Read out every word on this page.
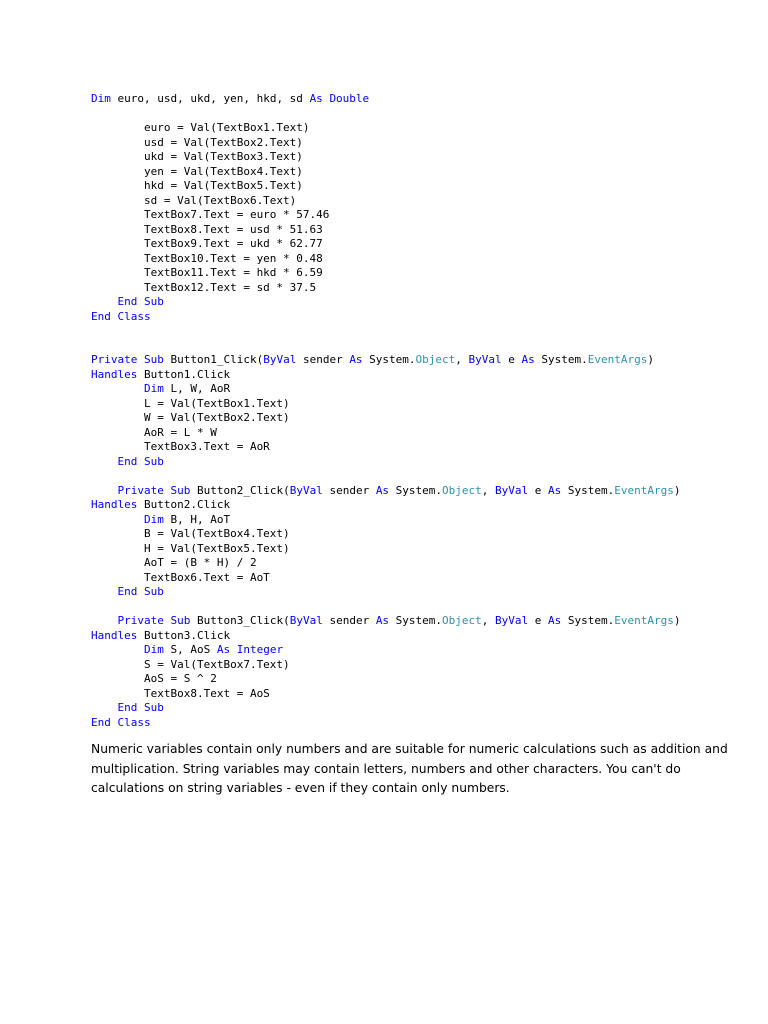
Dim euro, usd, ukd, yen, hkd, sd As Double
euro = Val(TextBox1.Text)
usd = Val(TextBox2.Text)
ukd = Val(TextBox3.Text)
yen = Val(TextBox4.Text)
hkd = Val(TextBox5.Text)
sd = Val(TextBox6.Text)
TextBox7.Text = euro * 57.46
TextBox8.Text = usd * 51.63
TextBox9.Text = ukd * 62.77
TextBox10.Text = yen * 0.48
TextBox11.Text = hkd * 6.59
TextBox12.Text = sd * 37.5
End Sub
End Class
Private Sub Button1_Click(ByVal sender As System.Object, ByVal e As System.EventArgs)
Handles Button1.Click
Dim L, W, AoR
L = Val(TextBox1.Text)
W = Val(TextBox2.Text)
AoR = L * W
TextBox3.Text = AoR
End Sub
Private Sub Button2_Click(ByVal sender As System.Object, ByVal e As System.EventArgs)
Handles Button2.Click
Dim B, H, AoT
B = Val(TextBox4.Text)
H = Val(TextBox5.Text)
AoT = (B * H) / 2
TextBox6.Text = AoT
End Sub
Private Sub Button3_Click(ByVal sender As System.Object, ByVal e As System.EventArgs)
Handles Button3.Click
Dim S, AoS As Integer
S = Val(TextBox7.Text)
AoS = S ^ 2
TextBox8.Text = AoS
End Sub
End Class
Numeric variables contain only numbers and are suitable for numeric calculations such as addition and
multiplication. String variables may contain letters, numbers and other characters. You can't do
calculations on string variables - even if they contain only numbers.
